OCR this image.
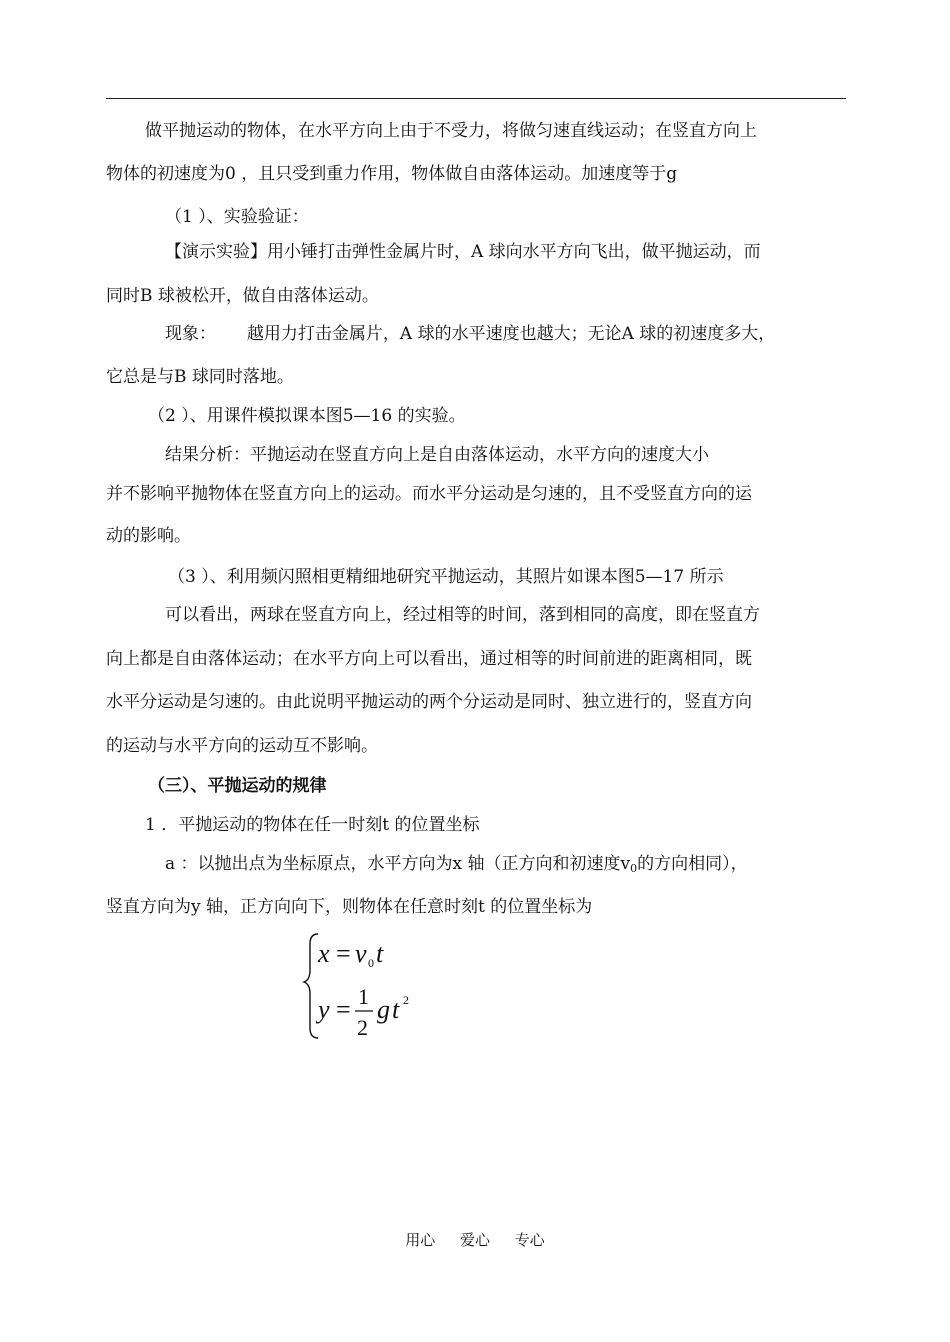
做平抛运动的物体，在水平方向上由于不受力，将做匀速直线运动；在竖直方向上
物体的初速度为0 ，且只受到重力作用，物体做自由落体运动。加速度等于g
（1 ）、实验验证：
【演示实验】用小锤打击弹性金属片时，A 球向水平方向飞出，做平抛运动，而
同时B 球被松开，做自由落体运动。
现象：　　 越用力打击金属片，A 球的水平速度也越大；无论A 球的初速度多大，
它总是与B 球同时落地。
（2 ）、用课件模拟课本图5—16 的实验。
结果分析：平抛运动在竖直方向上是自由落体运动，水平方向的速度大小
并不影响平抛物体在竖直方向上的运动。而水平分运动是匀速的，且不受竖直方向的运
动的影响。
（3 ）、利用频闪照相更精细地研究平抛运动，其照片如课本图5—17 所示
可以看出，两球在竖直方向上，经过相等的时间，落到相同的高度，即在竖直方
向上都是自由落体运动；在水平方向上可以看出，通过相等的时间前进的距离相同，既
水平分运动是匀速的。由此说明平抛运动的两个分运动是同时、独立进行的，竖直方向
的运动与水平方向的运动互不影响。
（三）、平抛运动的规律
1 ．平抛运动的物体在任一时刻t 的位置坐标
a ：以抛出点为坐标原点，水平方向为x 轴（正方向和初速度$v_0$的方向相同），
竖直方向为y 轴，正方向向下，则物体在任意时刻t 的位置坐标为
x = v 0 t
y = 1
2
g t 2
用心 爱心 专心
